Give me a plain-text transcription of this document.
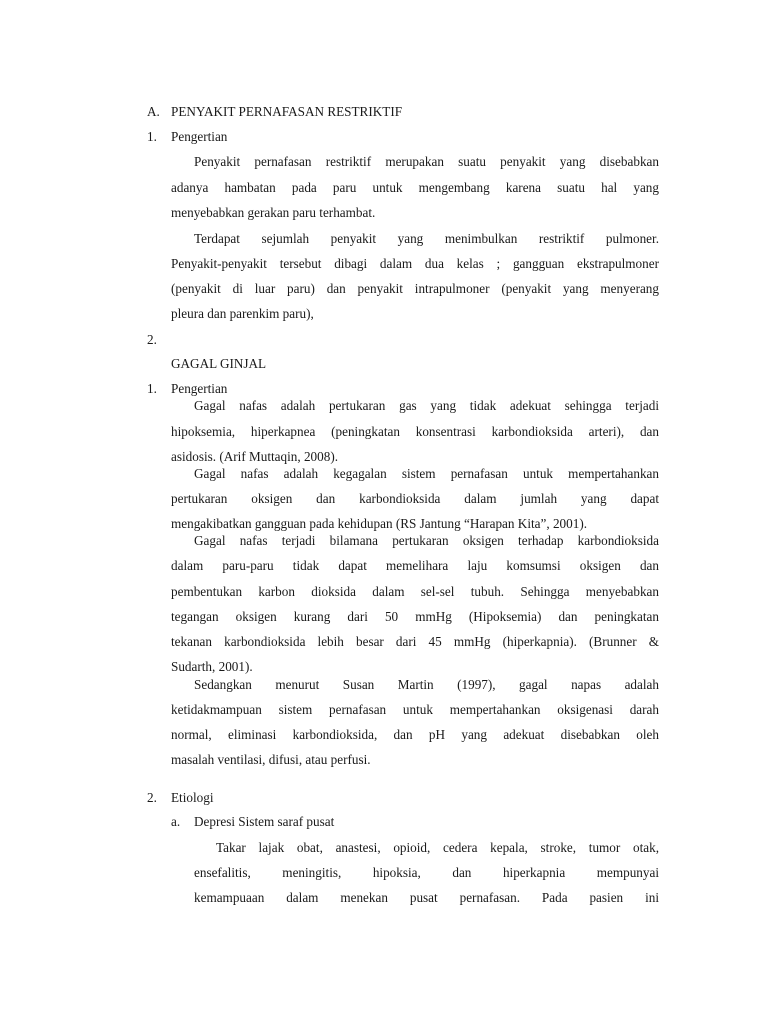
A. PENYAKIT PERNAFASAN RESTRIKTIF
1. Pengertian
Penyakit pernafasan restriktif merupakan suatu penyakit yang disebabkan
adanya hambatan pada paru untuk mengembang karena suatu hal yang
menyebabkan gerakan paru terhambat.
Terdapat sejumlah penyakit yang menimbulkan restriktif pulmoner.
Penyakit-penyakit tersebut dibagi dalam dua kelas ; gangguan ekstrapulmoner
(penyakit di luar paru) dan penyakit intrapulmoner (penyakit yang menyerang
pleura dan parenkim paru),
2.
GAGAL GINJAL
1. Pengertian
Gagal nafas adalah pertukaran gas yang tidak adekuat sehingga terjadi
hipoksemia, hiperkapnea (peningkatan konsentrasi karbondioksida arteri), dan
asidosis. (Arif Muttaqin, 2008).
Gagal nafas adalah kegagalan sistem pernafasan untuk mempertahankan
pertukaran oksigen dan karbondioksida dalam jumlah yang dapat
mengakibatkan gangguan pada kehidupan (RS Jantung “Harapan Kita”, 2001).
Gagal nafas terjadi bilamana pertukaran oksigen terhadap karbondioksida
dalam paru-paru tidak dapat memelihara laju komsumsi oksigen dan
pembentukan karbon dioksida dalam sel-sel tubuh. Sehingga menyebabkan
tegangan oksigen kurang dari 50 mmHg (Hipoksemia) dan peningkatan
tekanan karbondioksida lebih besar dari 45 mmHg (hiperkapnia). (Brunner &
Sudarth, 2001).
Sedangkan menurut Susan Martin (1997), gagal napas adalah
ketidakmampuan sistem pernafasan untuk mempertahankan oksigenasi darah
normal, eliminasi karbondioksida, dan pH yang adekuat disebabkan oleh
masalah ventilasi, difusi, atau perfusi.
2. Etiologi
a. Depresi Sistem saraf pusat
Takar lajak obat, anastesi, opioid, cedera kepala, stroke, tumor otak,
ensefalitis, meningitis, hipoksia, dan hiperkapnia mempunyai
kemampuaan dalam menekan pusat pernafasan. Pada pasien ini
